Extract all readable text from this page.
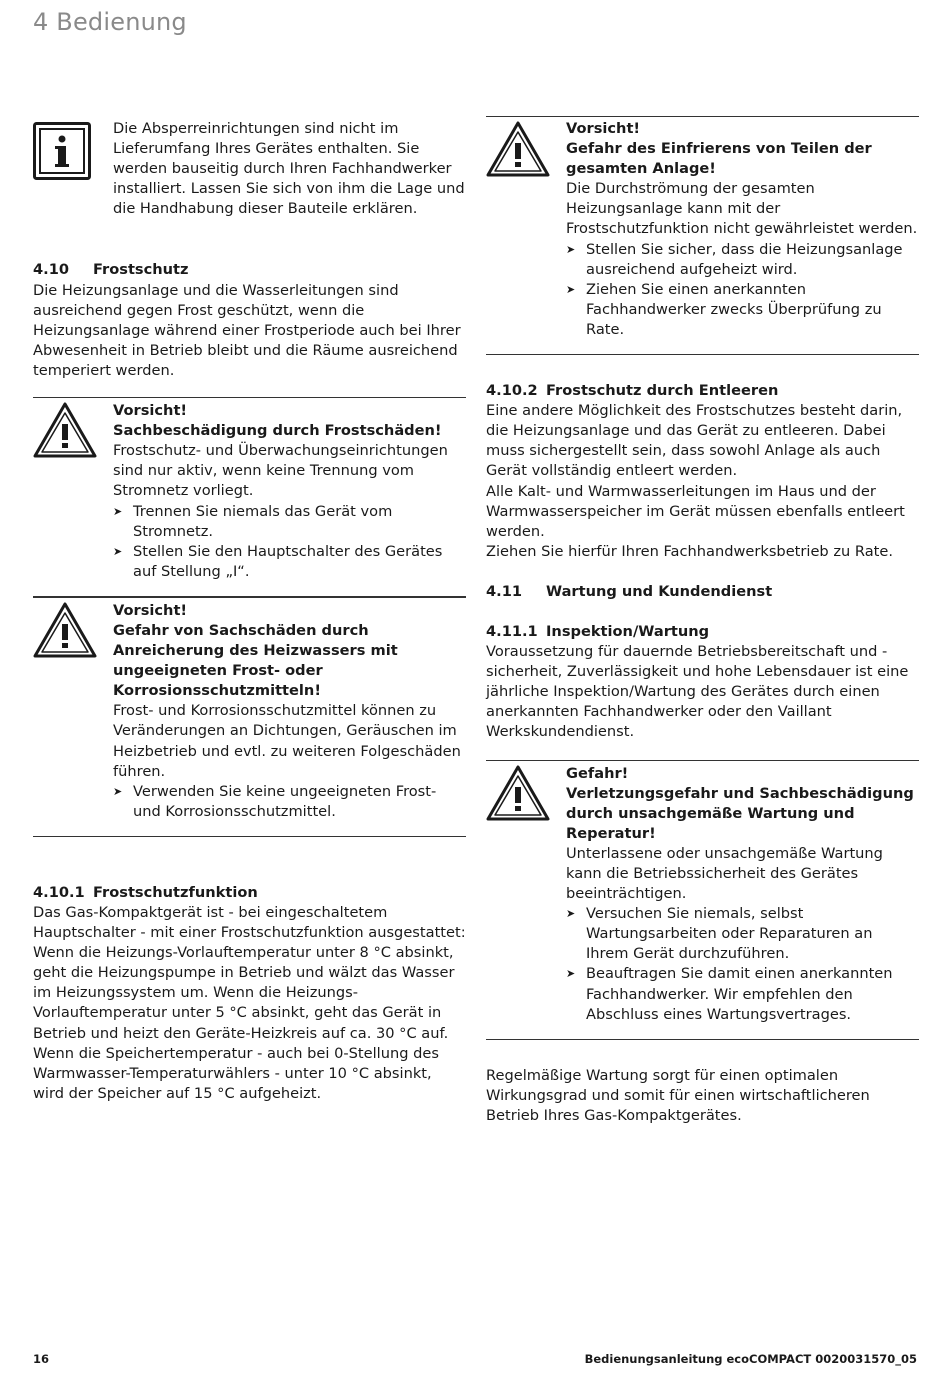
4 Bedienung

Die Absperreinrichtungen sind nicht im Lieferumfang Ihres Gerätes enthalten. Sie werden bauseitig durch Ihren Fachhandwerker installiert. Lassen Sie sich von ihm die Lage und die Handhabung dieser Bauteile erklären.

4.10 Frostschutz

Die Heizungsanlage und die Wasserleitungen sind ausreichend gegen Frost geschützt, wenn die Heizungsanlage während einer Frostperiode auch bei Ihrer Abwesenheit in Betrieb bleibt und die Räume ausreichend temperiert werden.

Vorsicht!

Sachbeschädigung durch Frostschäden!

Frostschutz- und Überwachungseinrichtungen sind nur aktiv, wenn keine Trennung vom Stromnetz vorliegt.

➤ Trennen Sie niemals das Gerät vom Stromnetz.
➤ Stellen Sie den Hauptschalter des Gerätes auf Stellung „I“.

Vorsicht!

Gefahr von Sachschäden durch Anreicherung des Heizwassers mit ungeeigneten Frost- oder Korrosionsschutzmitteln!

Frost- und Korrosionsschutzmittel können zu Veränderungen an Dichtungen, Geräuschen im Heizbetrieb und evtl. zu weiteren Folgeschäden führen.

➤ Verwenden Sie keine ungeeigneten Frost- und Korrosionsschutzmittel.

4.10.1 Frostschutzfunktion

Das Gas-Kompaktgerät ist - bei eingeschaltetem Hauptschalter - mit einer Frostschutzfunktion ausgestattet: Wenn die Heizungs-Vorlauftemperatur unter 8 °C absinkt, geht die Heizungspumpe in Betrieb und wälzt das Wasser im Heizungssystem um. Wenn die Heizungs-Vorlauftemperatur unter 5 °C absinkt, geht das Gerät in Betrieb und heizt den Geräte-Heizkreis auf ca. 30 °C auf. Wenn die Speichertemperatur - auch bei 0-Stellung des Warmwasser-Temperaturwählers - unter 10 °C absinkt, wird der Speicher auf 15 °C aufgeheizt.

Vorsicht!

Gefahr des Einfrierens von Teilen der gesamten Anlage!

Die Durchströmung der gesamten Heizungsanlage kann mit der Frostschutzfunktion nicht gewährleistet werden.

➤ Stellen Sie sicher, dass die Heizungsanlage ausreichend aufgeheizt wird.
➤ Ziehen Sie einen anerkannten Fachhandwerker zwecks Überprüfung zu Rate.

4.10.2 Frostschutz durch Entleeren

Eine andere Möglichkeit des Frostschutzes besteht darin, die Heizungsanlage und das Gerät zu entleeren. Dabei muss sichergestellt sein, dass sowohl Anlage als auch Gerät vollständig entleert werden.

Alle Kalt- und Warmwasserleitungen im Haus und der Warmwasserspeicher im Gerät müssen ebenfalls entleert werden.

Ziehen Sie hierfür Ihren Fachhandwerksbetrieb zu Rate.

4.11 Wartung und Kundendienst

4.11.1 Inspektion/Wartung

Voraussetzung für dauernde Betriebsbereitschaft und -sicherheit, Zuverlässigkeit und hohe Lebensdauer ist eine jährliche Inspektion/Wartung des Gerätes durch einen anerkannten Fachhandwerker oder den Vaillant Werkskundendienst.

Gefahr!

Verletzungsgefahr und Sachbeschädigung durch unsachgemäße Wartung und Reperatur!

Unterlassene oder unsachgemäße Wartung kann die Betriebssicherheit des Gerätes beeinträchtigen.

➤ Versuchen Sie niemals, selbst Wartungsarbeiten oder Reparaturen an Ihrem Gerät durchzuführen.
➤ Beauftragen Sie damit einen anerkannten Fachhandwerker. Wir empfehlen den Abschluss eines Wartungsvertrages.

Regelmäßige Wartung sorgt für einen optimalen Wirkungsgrad und somit für einen wirtschaftlicheren Betrieb Ihres Gas-Kompaktgerätes.

16	Bedienungsanleitung ecoCOMPACT 0020031570_05
